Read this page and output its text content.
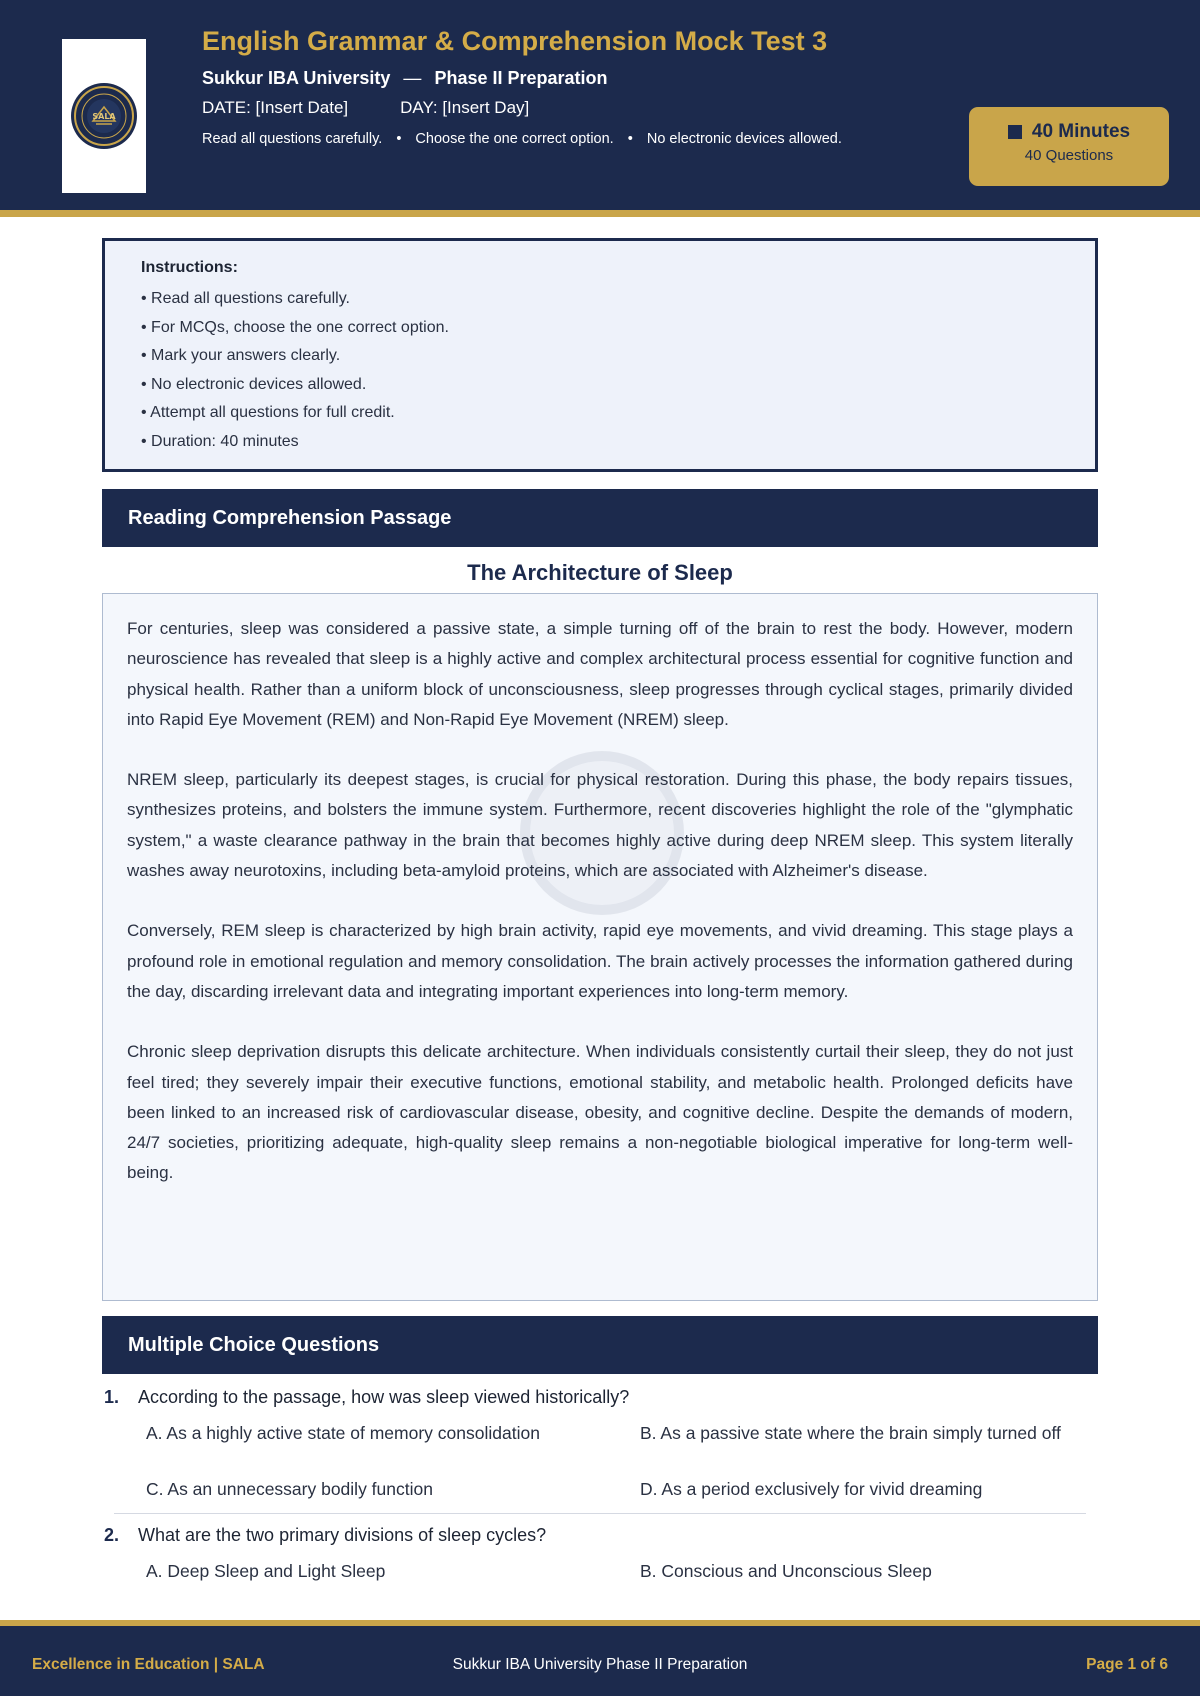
SALA
English Grammar & Comprehension Mock Test 3
Sukkur IBA University — Phase II Preparation
DATE: [Insert Date]	DAY: [Insert Day]
Read all questions carefully. • Choose the one correct option. • No electronic devices allowed.	40 Minutes
40 Questions
Instructions:
• Read all questions carefully.
• For MCQs, choose the one correct option.
• Mark your answers clearly.
• No electronic devices allowed.
• Attempt all questions for full credit.
• Duration: 40 minutes
Reading Comprehension Passage
The Architecture of Sleep

For centuries, sleep was considered a passive state, a simple turning off of the brain to rest the body. However, modern neuroscience has revealed that sleep is a highly active and complex architectural process essential for cognitive function and physical health. Rather than a uniform block of unconsciousness, sleep progresses through cyclical stages, primarily divided into Rapid Eye Movement (REM) and Non-Rapid Eye Movement (NREM) sleep.

NREM sleep, particularly its deepest stages, is crucial for physical restoration. During this phase, the body repairs tissues, synthesizes proteins, and bolsters the immune system. Furthermore, recent discoveries highlight the role of the "glymphatic system," a waste clearance pathway in the brain that becomes highly active during deep NREM sleep. This system literally washes away neurotoxins, including beta-amyloid proteins, which are associated with Alzheimer's disease.

Conversely, REM sleep is characterized by high brain activity, rapid eye movements, and vivid dreaming. This stage plays a profound role in emotional regulation and memory consolidation. The brain actively processes the information gathered during the day, discarding irrelevant data and integrating important experiences into long-term memory.

Chronic sleep deprivation disrupts this delicate architecture. When individuals consistently curtail their sleep, they do not just feel tired; they severely impair their executive functions, emotional stability, and metabolic health. Prolonged deficits have been linked to an increased risk of cardiovascular disease, obesity, and cognitive decline. Despite the demands of modern, 24/7 societies, prioritizing adequate, high-quality sleep remains a non-negotiable biological imperative for long-term well-being.

Multiple Choice Questions
1. According to the passage, how was sleep viewed historically?
A. As a highly active state of memory consolidation	B. As a passive state where the brain simply turned off
C. As an unnecessary bodily function	D. As a period exclusively for vivid dreaming
2. What are the two primary divisions of sleep cycles?
A. Deep Sleep and Light Sleep	B. Conscious and Unconscious Sleep
Sukkur IBA University Phase II Preparation
Excellence in Education | SALA	Page 1 of 6
